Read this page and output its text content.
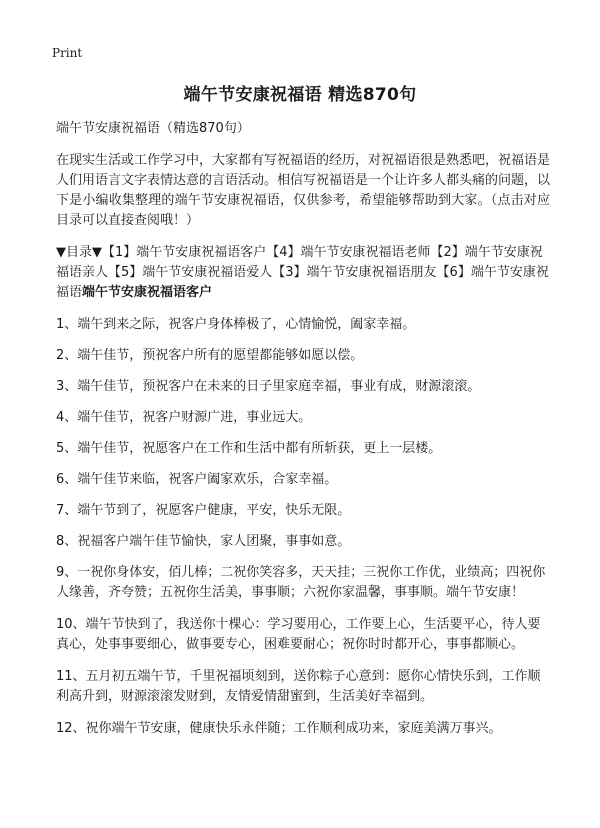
Print
端午节安康祝福语 精选870句

端午节安康祝福语（精选870句）

在现实生活或工作学习中，大家都有写祝福语的经历，对祝福语很是熟悉吧，祝福语是人们用语言文字表情达意的言语活动。相信写祝福语是一个让许多人都头痛的问题，以下是小编收集整理的端午节安康祝福语，仅供参考，希望能够帮助到大家。（点击对应目录可以直接查阅哦！）

▼目录▼【1】端午节安康祝福语客户【4】端午节安康祝福语老师【2】端午节安康祝福语亲人【5】端午节安康祝福语爱人【3】端午节安康祝福语朋友【6】端午节安康祝福语端午节安康祝福语客户

1、端午到来之际，祝客户身体棒极了，心情愉悦，阖家幸福。

2、端午佳节，预祝客户所有的愿望都能够如愿以偿。

3、端午佳节，预祝客户在未来的日子里家庭幸福，事业有成，财源滚滚。

4、端午佳节，祝客户财源广进，事业远大。

5、端午佳节，祝愿客户在工作和生活中都有所斩获，更上一层楼。

6、端午佳节来临，祝客户阖家欢乐，合家幸福。

7、端午节到了，祝愿客户健康，平安，快乐无限。

8、祝福客户端午佳节愉快，家人团聚，事事如意。

9、一祝你身体安，佰儿棒；二祝你笑容多，天天挂；三祝你工作优，业绩高；四祝你人缘善，齐夸赞；五祝你生活美，事事顺；六祝你家温馨，事事顺。端午节安康！

10、端午节快到了，我送你十棵心：学习要用心，工作要上心，生活要平心，待人要真心，处事事要细心，做事要专心，困难要耐心；祝你时时都开心，事事都顺心。

11、五月初五端午节，千里祝福顷刻到，送你粽子心意到：愿你心情快乐到，工作顺利高升到，财源滚滚发财到，友情爱情甜蜜到，生活美好幸福到。

12、祝你端午节安康，健康快乐永伴随；工作顺利成功来，家庭美满万事兴。
